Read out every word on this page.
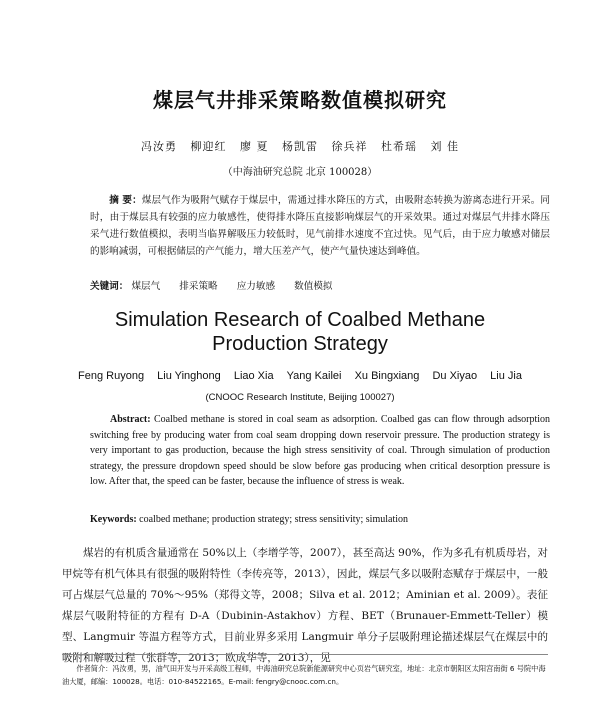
煤层气井排采策略数值模拟研究
冯汝勇 柳迎红 廖 夏 杨凯雷 徐兵祥 杜希瑶 刘 佳
（中海油研究总院 北京 100028）
摘 要：煤层气作为吸附气赋存于煤层中，需通过排水降压的方式，由吸附态转换为游离态进行开采。同时，由于煤层具有较强的应力敏感性，使得排水降压直接影响煤层气的开采效果。通过对煤层气井排水降压采气进行数值模拟，表明当临界解吸压力较低时，见气前排水速度不宜过快。见气后，由于应力敏感对储层的影响减弱，可根据储层的产气能力，增大压差产气，使产气量快速达到峰值。
关键词： 煤层气 排采策略 应力敏感 数值模拟
Simulation Research of Coalbed Methane
Production Strategy
Feng Ruyong Liu Yinghong Liao Xia Yang Kailei Xu Bingxiang Du Xiyao Liu Jia
(CNOOC Research Institute, Beijing 100027)
Abstract: Coalbed methane is stored in coal seam as adsorption. Coalbed gas can flow through adsorption switching free by producing water from coal seam dropping down reservoir pressure. The production strategy is very important to gas production, because the high stress sensitivity of coal. Through simulation of production strategy, the pressure dropdown speed should be slow before gas producing when critical desorption pressure is low. After that, the speed can be faster, because the influence of stress is weak.
Keywords: coalbed methane; production strategy; stress sensitivity; simulation
煤岩的有机质含量通常在 50%以上（李增学等，2007），甚至高达 90%，作为多孔有机质母岩，对甲烷等有机气体具有很强的吸附特性（李传亮等，2013），因此，煤层气多以吸附态赋存于煤层中，一般可占煤层气总量的 70%～95%（郑得文等，2008；Silva et al. 2012；Aminian et al. 2009）。表征煤层气吸附特征的方程有 D-A（Dubinin-Astakhov）方程、BET（Brunauer-Emmett-Teller）模型、Langmuir 等温方程等方式，目前业界多采用 Langmuir 单分子层吸附理论描述煤层气在煤层中的吸附和解吸过程（张群等，2013；欧成华等，2013），见
作者简介：冯汝勇，男，油气田开发与开采高级工程师，中海油研究总院新能源研究中心页岩气研究室，地址：北京市朝阳区太阳宫南街 6 号院中海油大厦，邮编：100028。电话：010-84522165。E-mail: fengry@cnooc.com.cn。
